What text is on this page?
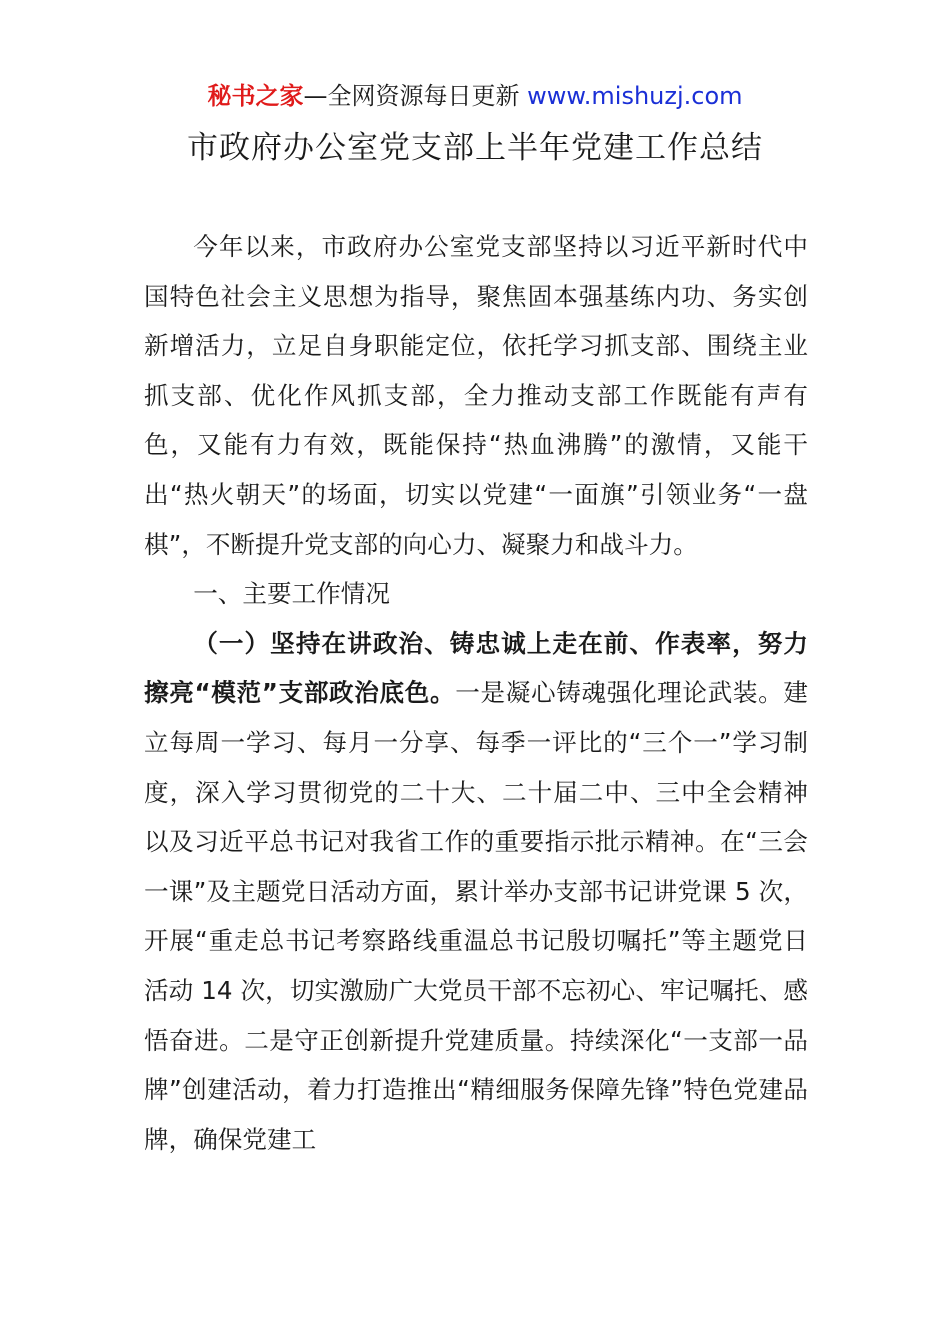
秘书之家—全网资源每日更新 www.mishuzj.com
市政府办公室党支部上半年党建工作总结

今年以来，市政府办公室党支部坚持以习近平新时代中国特色社会主义思想为指导，聚焦固本强基练内功、务实创新增活力，立足自身职能定位，依托学习抓支部、围绕主业抓支部、优化作风抓支部，全力推动支部工作既能有声有色，又能有力有效，既能保持“热血沸腾”的激情，又能干出“热火朝天”的场面，切实以党建“一面旗”引领业务“一盘棋”，不断提升党支部的向心力、凝聚力和战斗力。

一、主要工作情况

（一）坚持在讲政治、铸忠诚上走在前、作表率，努力擦亮“模范”支部政治底色。一是凝心铸魂强化理论武装。建立每周一学习、每月一分享、每季一评比的“三个一”学习制度，深入学习贯彻党的二十大、二十届二中、三中全会精神以及习近平总书记对我省工作的重要指示批示精神。在“三会一课”及主题党日活动方面，累计举办支部书记讲党课 5 次，开展“重走总书记考察路线重温总书记殷切嘱托”等主题党日活动 14 次，切实激励广大党员干部不忘初心、牢记嘱托、感悟奋进。二是守正创新提升党建质量。持续深化“一支部一品牌”创建活动，着力打造推出“精细服务保障先锋”特色党建品牌，确保党建工
